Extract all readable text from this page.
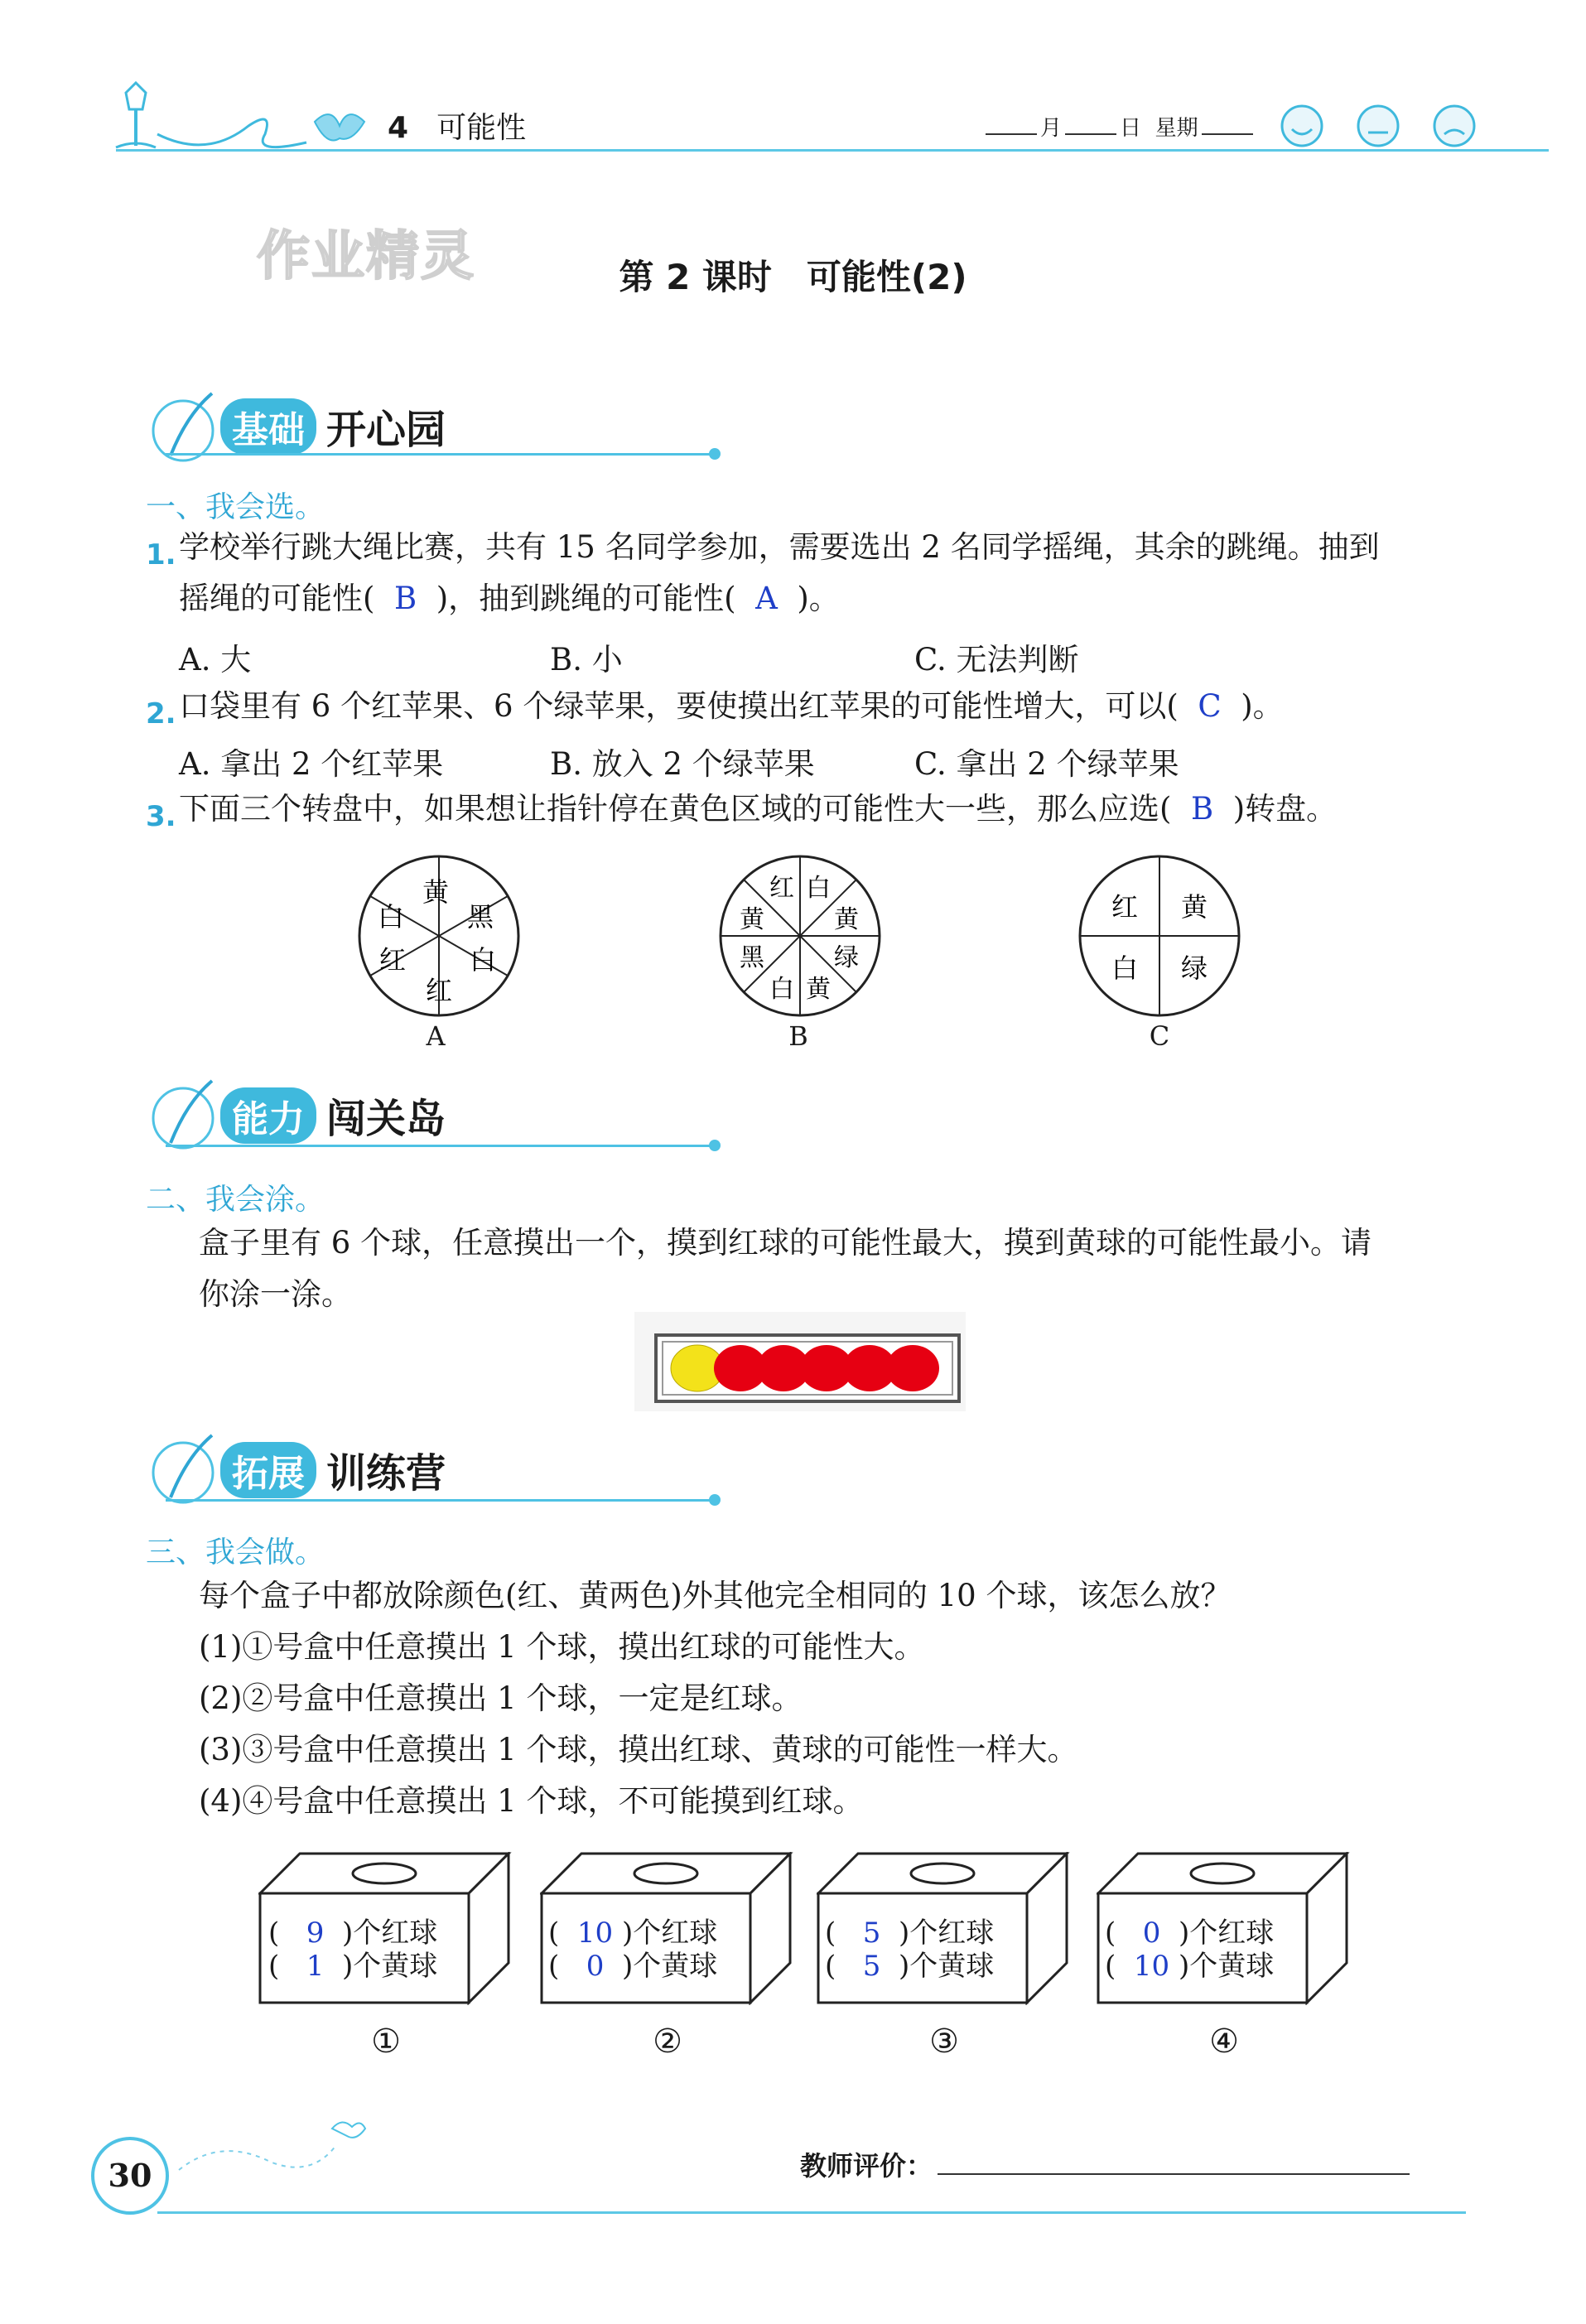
4 可能性	月	日 星期
作业精灵	第 2 课时　可能性(2)
基础 开心园
一、我会选。
1. 学校举行跳大绳比赛，共有 15 名同学参加，需要选出 2 名同学摇绳，其余的跳绳。抽到
摇绳的可能性( B )，抽到跳绳的可能性( A )。
A. 大	B. 小	C. 无法判断
2. 口袋里有 6 个红苹果、6 个绿苹果，要使摸出红苹果的可能性增大，可以( C )。
A. 拿出 2 个红苹果	B. 放入 2 个绿苹果	C. 拿出 2 个绿苹果
3. 下面三个转盘中，如果想让指针停在黄色区域的可能性大一些，那么应选( B )转盘。
黄
黑
白
红
红
白
A
红 白
黄
绿
黄
白
黑
黄
B
红 黄
白 绿
C
能力 闯关岛
二、我会涂。
盒子里有 6 个球，任意摸出一个，摸到红球的可能性最大，摸到黄球的可能性最小。请
你涂一涂。
拓展 训练营
三、我会做。
每个盒子中都放除颜色(红、黄两色)外其他完全相同的 10 个球，该怎么放？
(1)①号盒中任意摸出 1 个球，摸出红球的可能性大。
(2)②号盒中任意摸出 1 个球，一定是红球。
(3)③号盒中任意摸出 1 个球，摸出红球、黄球的可能性一样大。
(4)④号盒中任意摸出 1 个球，不可能摸到红球。
(   9 )个红球
(   1 )个黄球
(  10 )个红球
(   0 )个黄球
(   5 )个红球
(   5 )个黄球
(   0 )个红球
(  10 )个黄球
①	②	③	④
30	教师评价：
